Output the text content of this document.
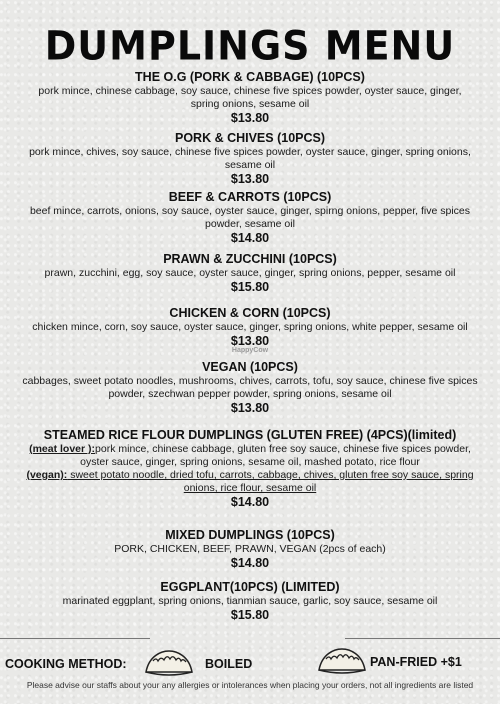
DUMPLINGS MENU
THE O.G (PORK & CABBAGE) (10PCS)
pork mince, chinese cabbage, soy sauce, chinese five spices powder, oyster sauce, ginger, spring onions, sesame oil
$13.80
PORK & CHIVES (10PCS)
pork mince, chives, soy sauce, chinese five spices powder, oyster sauce, ginger, spring onions, sesame oil
$13.80
BEEF & CARROTS (10PCS)
beef mince, carrots, onions, soy sauce, oyster sauce, ginger, spirng onions, pepper, five spices powder, sesame oil
$14.80
PRAWN & ZUCCHINI (10PCS)
prawn, zucchini, egg, soy sauce, oyster sauce, ginger, spring onions, pepper, sesame oil
$15.80
CHICKEN & CORN (10PCS)
chicken mince, corn, soy sauce, oyster sauce, ginger, spring onions, white pepper, sesame oil
$13.80
HappyCow
VEGAN (10PCS)
cabbages, sweet potato noodles, mushrooms, chives, carrots, tofu, soy sauce, chinese five spices powder, szechwan pepper powder, spring onions, sesame oil
$13.80
STEAMED RICE FLOUR DUMPLINGS (GLUTEN FREE) (4PCS)(limited)
(meat lover ):pork mince, chinese cabbage, gluten free soy sauce, chinese five spices powder, oyster sauce, ginger, spring onions, sesame oil, mashed potato, rice flour
(vegan): sweet potato noodle, dried tofu, carrots, cabbage, chives, gluten free soy sauce, spring onions, rice flour, sesame oil
$14.80
MIXED DUMPLINGS (10PCS)
PORK, CHICKEN, BEEF, PRAWN, VEGAN (2pcs of each)
$14.80
EGGPLANT(10PCS) (LIMITED)
marinated eggplant, spring onions, tianmian sauce, garlic, soy sauce, sesame oil
$15.80
COOKING METHOD:	BOILED	PAN-FRIED +$1
Please advise our staffs about your any allergies or intolerances when placing your orders, not all ingredients are listed
